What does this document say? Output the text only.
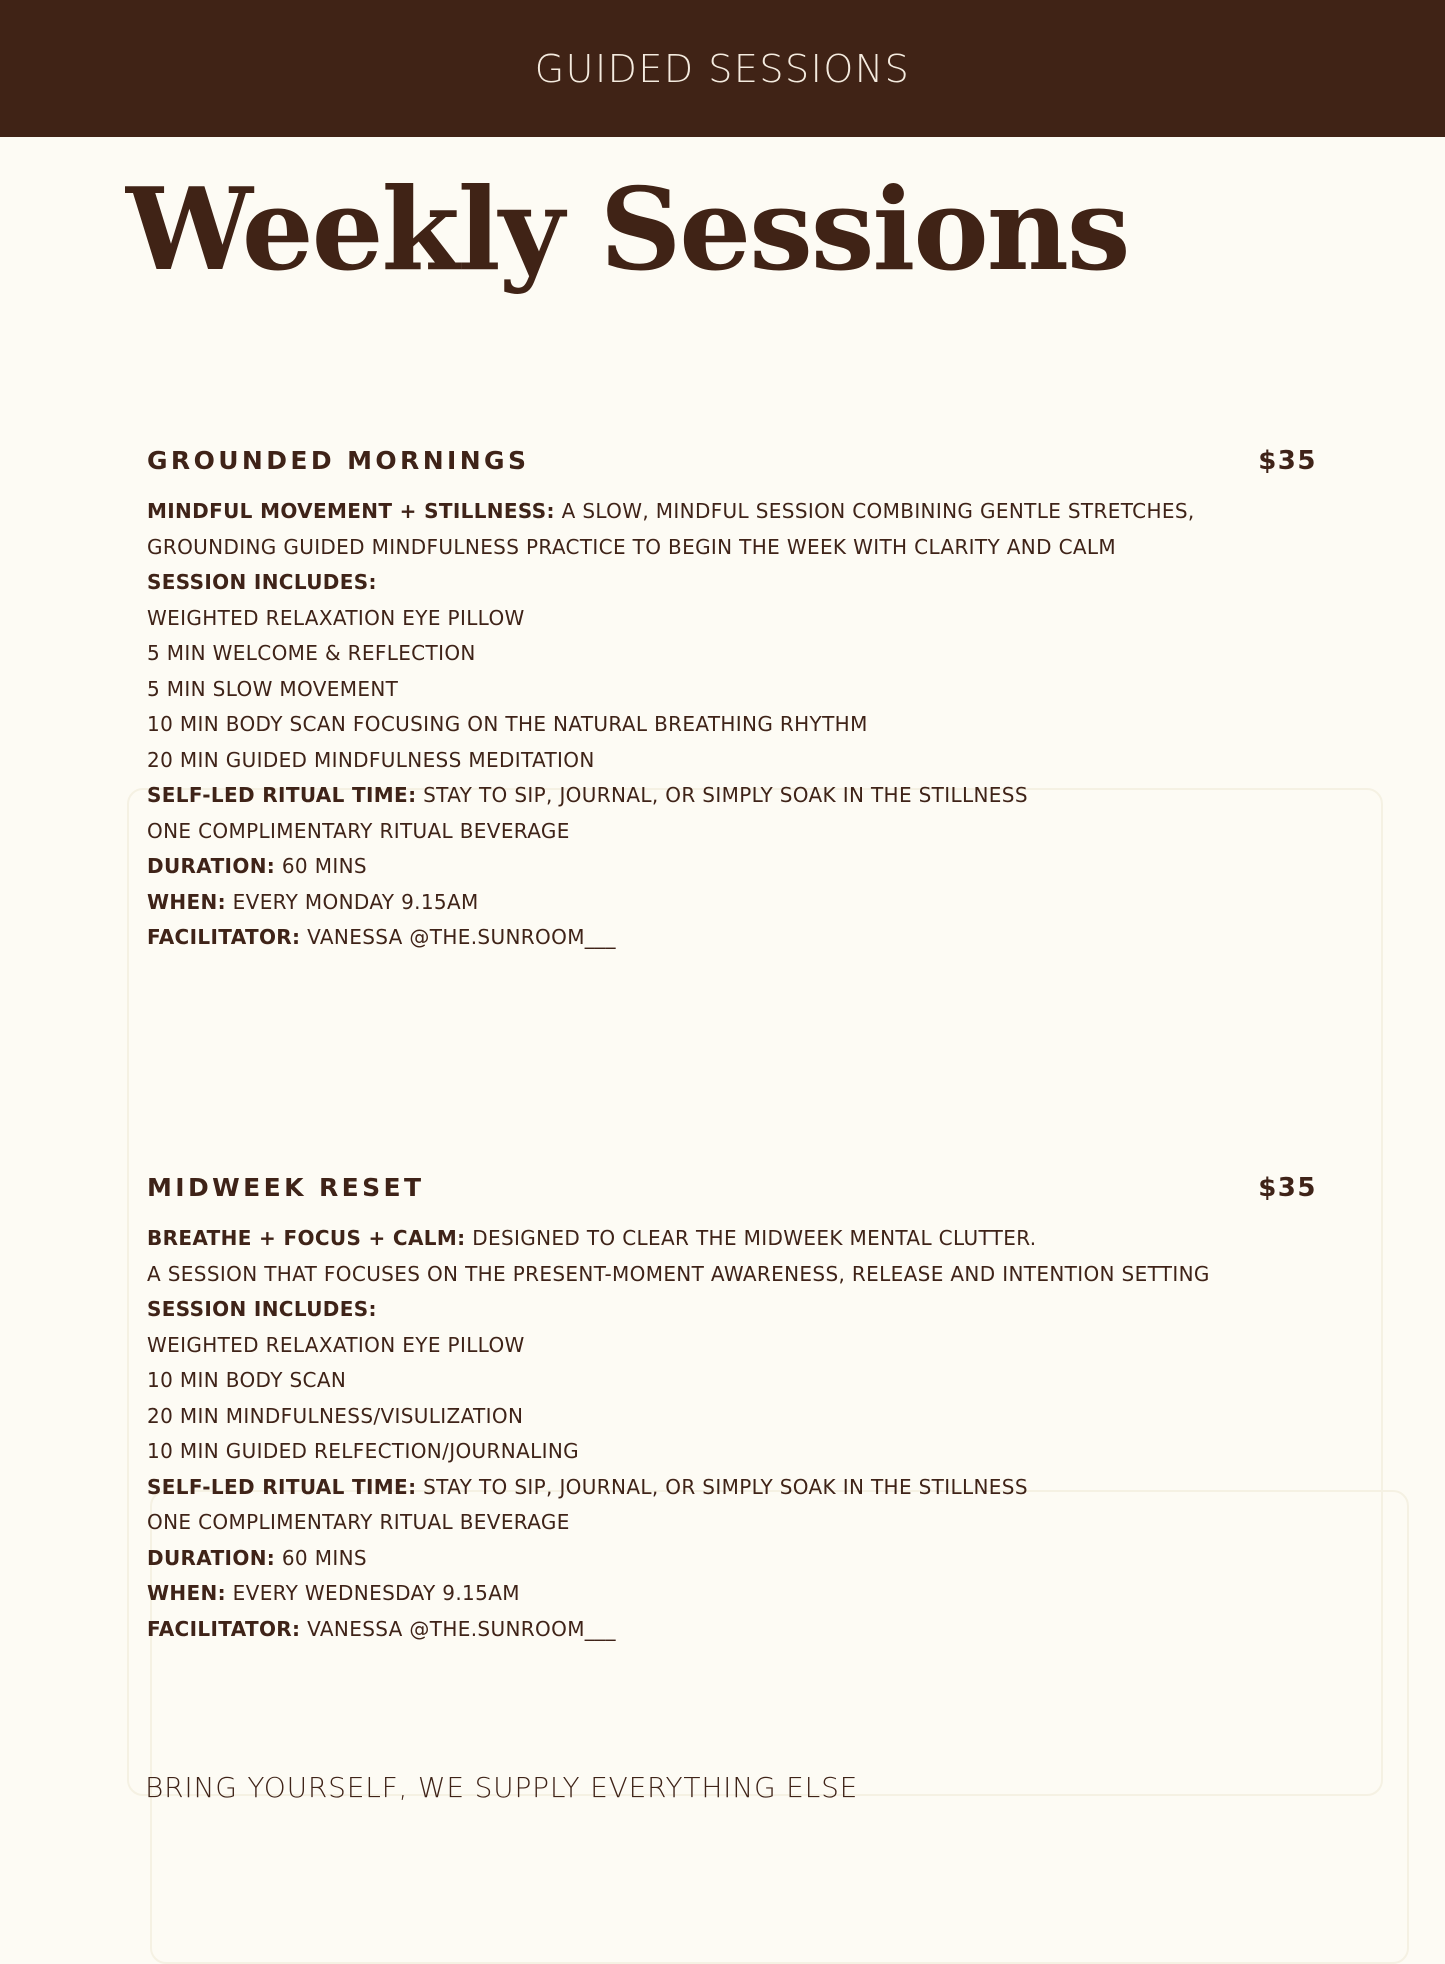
GUIDED SESSIONS
Weekly Sessions
GROUNDED MORNINGS	$35
MINDFUL MOVEMENT + STILLNESS: A SLOW, MINDFUL SESSION COMBINING GENTLE STRETCHES,
GROUNDING GUIDED MINDFULNESS PRACTICE TO BEGIN THE WEEK WITH CLARITY AND CALM
SESSION INCLUDES:
WEIGHTED RELAXATION EYE PILLOW
5 MIN WELCOME & REFLECTION
5 MIN SLOW MOVEMENT
10 MIN BODY SCAN FOCUSING ON THE NATURAL BREATHING RHYTHM
20 MIN GUIDED MINDFULNESS MEDITATION
SELF-LED RITUAL TIME: STAY TO SIP, JOURNAL, OR SIMPLY SOAK IN THE STILLNESS
ONE COMPLIMENTARY RITUAL BEVERAGE
DURATION: 60 MINS
WHEN: EVERY MONDAY 9.15AM
FACILITATOR: VANESSA @THE.SUNROOM___
MIDWEEK RESET	$35
BREATHE + FOCUS + CALM: DESIGNED TO CLEAR THE MIDWEEK MENTAL CLUTTER.
A SESSION THAT FOCUSES ON THE PRESENT-MOMENT AWARENESS, RELEASE AND INTENTION SETTING
SESSION INCLUDES:
WEIGHTED RELAXATION EYE PILLOW
10 MIN BODY SCAN
20 MIN MINDFULNESS/VISULIZATION
10 MIN GUIDED RELFECTION/JOURNALING
SELF-LED RITUAL TIME: STAY TO SIP, JOURNAL, OR SIMPLY SOAK IN THE STILLNESS
ONE COMPLIMENTARY RITUAL BEVERAGE
DURATION: 60 MINS
WHEN: EVERY WEDNESDAY 9.15AM
FACILITATOR: VANESSA @THE.SUNROOM___
BRING YOURSELF, WE SUPPLY EVERYTHING ELSE
